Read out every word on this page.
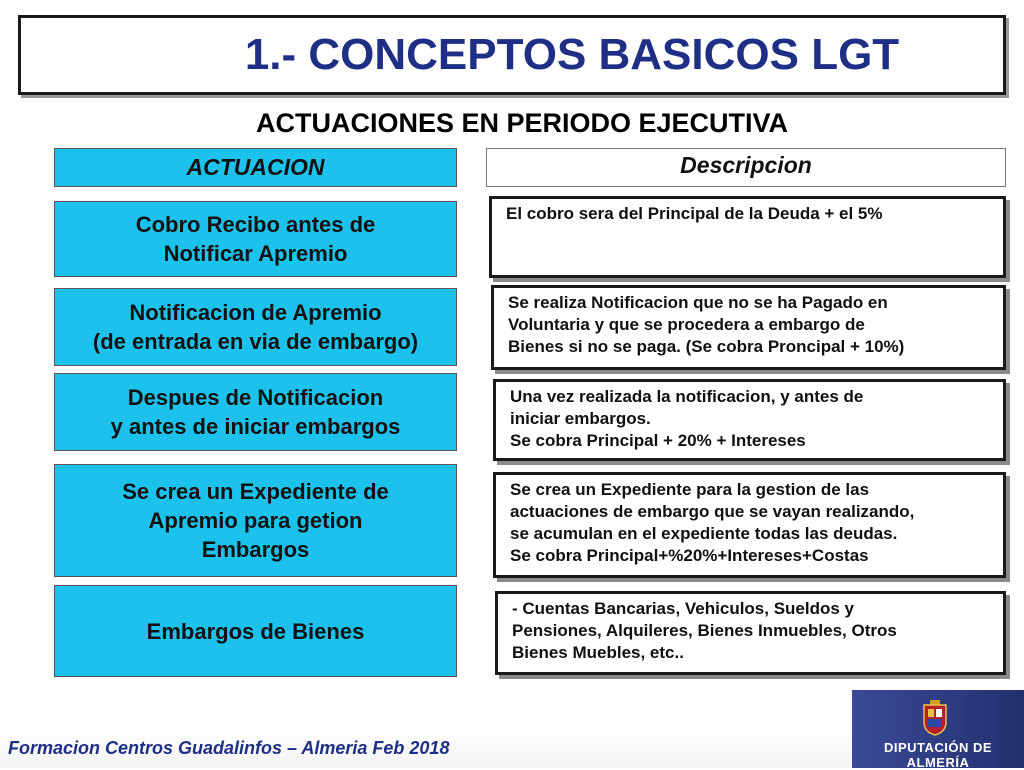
1.- CONCEPTOS BASICOS LGT
ACTUACIONES EN PERIODO EJECUTIVA
ACTUACION	Descripcion
Cobro Recibo antes de
Notificar Apremio
El cobro sera del Principal de la Deuda + el 5%
Notificacion de Apremio
(de entrada en via de embargo)
Se realiza Notificacion que no se ha Pagado en
Voluntaria y que se procedera a embargo de
Bienes si no se paga. (Se cobra Proncipal + 10%)
Despues de Notificacion
y antes de iniciar embargos
Una vez realizada la notificacion, y antes de
iniciar embargos.
Se cobra Principal + 20% + Intereses
Se crea un Expediente de
Apremio para getion
Embargos
Se crea un Expediente para la gestion de las
actuaciones de embargo que se vayan realizando,
se acumulan en el expediente todas las deudas.
Se cobra Principal+%20%+Intereses+Costas
Embargos de Bienes
- Cuentas Bancarias, Vehiculos, Sueldos y
Pensiones, Alquileres, Bienes Inmuebles, Otros
Bienes Muebles, etc..
Formacion Centros Guadalinfos – Almeria Feb 2018	DIPUTACIÓN DE ALMERÍA
